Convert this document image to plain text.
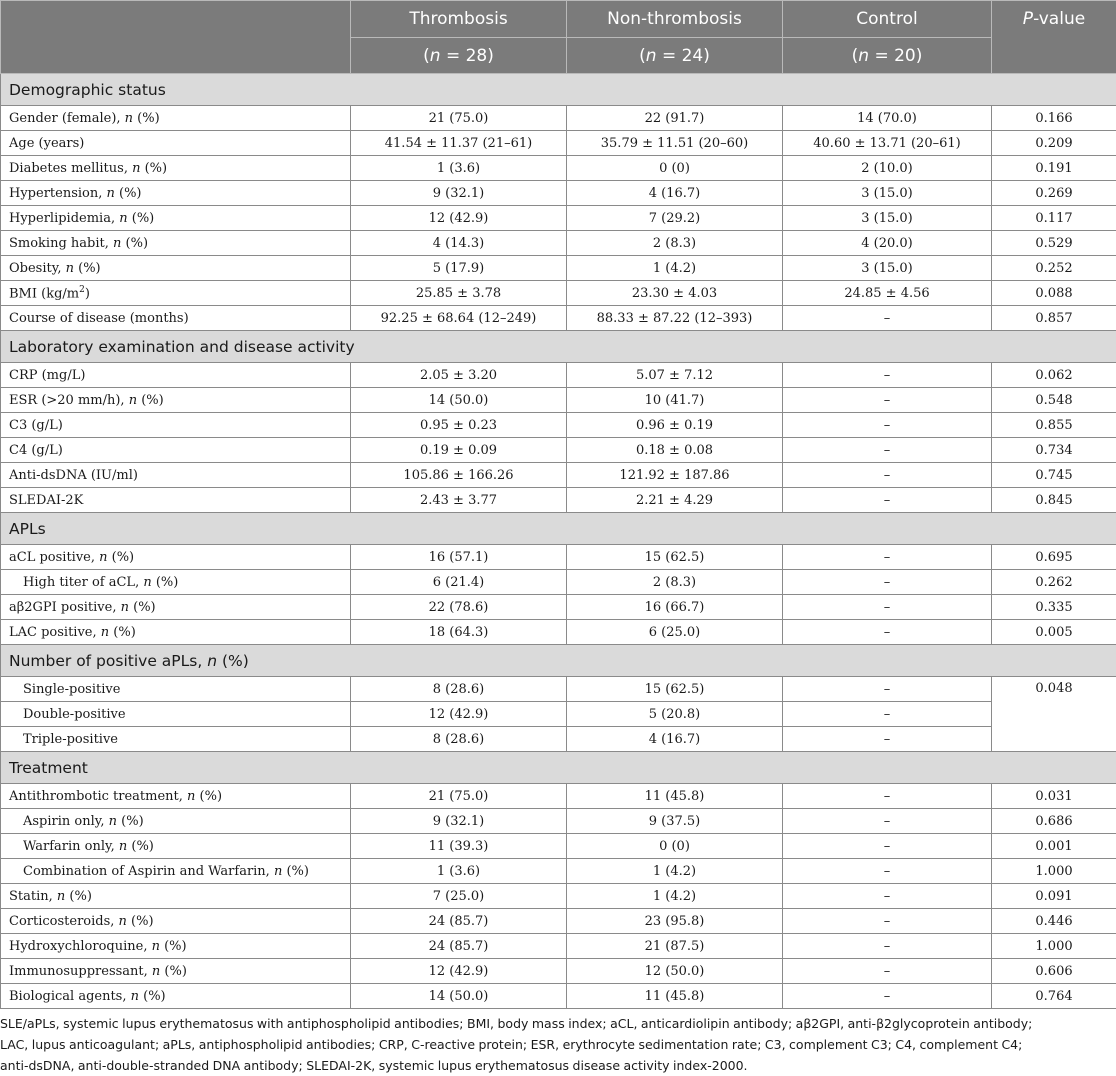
	Thrombosis	Non-thrombosis	Control	P-value
	(n = 28)	(n = 24)	(n = 20)	
Demographic status				
Gender (female), n (%)	21 (75.0)	22 (91.7)	14 (70.0)	0.166
Age (years)	41.54 ± 11.37 (21–61)	35.79 ± 11.51 (20–60)	40.60 ± 13.71 (20–61)	0.209
Diabetes mellitus, n (%)	1 (3.6)	0 (0)	2 (10.0)	0.191
Hypertension, n (%)	9 (32.1)	4 (16.7)	3 (15.0)	0.269
Hyperlipidemia, n (%)	12 (42.9)	7 (29.2)	3 (15.0)	0.117
Smoking habit, n (%)	4 (14.3)	2 (8.3)	4 (20.0)	0.529
Obesity, n (%)	5 (17.9)	1 (4.2)	3 (15.0)	0.252
BMI $(kg/m^2)$	25.85 ± 3.78	23.30 ± 4.03	24.85 ± 4.56	0.088
Course of disease (months)	92.25 ± 68.64 (12–249)	88.33 ± 87.22 (12–393)	–	0.857
Laboratory examination and disease activity				
CRP (mg/L)	2.05 ± 3.20	5.07 ± 7.12	–	0.062
ESR (>20 mm/h), n (%)	14 (50.0)	10 (41.7)	–	0.548
C3 (g/L)	0.95 ± 0.23	0.96 ± 0.19	–	0.855
C4 (g/L)	0.19 ± 0.09	0.18 ± 0.08	–	0.734
Anti-dsDNA (IU/ml)	105.86 ± 166.26	121.92 ± 187.86	–	0.745
SLEDAI-2K	2.43 ± 3.77	2.21 ± 4.29	–	0.845
APLs				
aCL positive, n (%)	16 (57.1)	15 (62.5)	–	0.695
High titer of aCL, n (%)	6 (21.4)	2 (8.3)	–	0.262
aβ2GPI positive, n (%)	22 (78.6)	16 (66.7)	–	0.335
LAC positive, n (%)	18 (64.3)	6 (25.0)	–	0.005
Number of positive aPLs, n (%)				
Single-positive	8 (28.6)	15 (62.5)	–	0.048
Double-positive	12 (42.9)	5 (20.8)	–	
Triple-positive	8 (28.6)	4 (16.7)	–	
Treatment				
Antithrombotic treatment, n (%)	21 (75.0)	11 (45.8)	–	0.031
Aspirin only, n (%)	9 (32.1)	9 (37.5)	–	0.686
Warfarin only, n (%)	11 (39.3)	0 (0)	–	0.001
Combination of Aspirin and Warfarin, n (%)	1 (3.6)	1 (4.2)	–	1.000
Statin, n (%)	7 (25.0)	1 (4.2)	–	0.091
Corticosteroids, n (%)	24 (85.7)	23 (95.8)	–	0.446
Hydroxychloroquine, n (%)	24 (85.7)	21 (87.5)	–	1.000
Immunosuppressant, n (%)	12 (42.9)	12 (50.0)	–	0.606
Biological agents, n (%)	14 (50.0)	11 (45.8)	–	0.764
SLE/aPLs, systemic lupus erythematosus with antiphospholipid antibodies; BMI, body mass index; aCL, anticardiolipin antibody; aβ2GPI, anti-β2glycoprotein antibody;
LAC, lupus anticoagulant; aPLs, antiphospholipid antibodies; CRP, C-reactive protein; ESR, erythrocyte sedimentation rate; C3, complement C3; C4, complement C4;
anti-dsDNA, anti-double-stranded DNA antibody; SLEDAI-2K, systemic lupus erythematosus disease activity index-2000.
